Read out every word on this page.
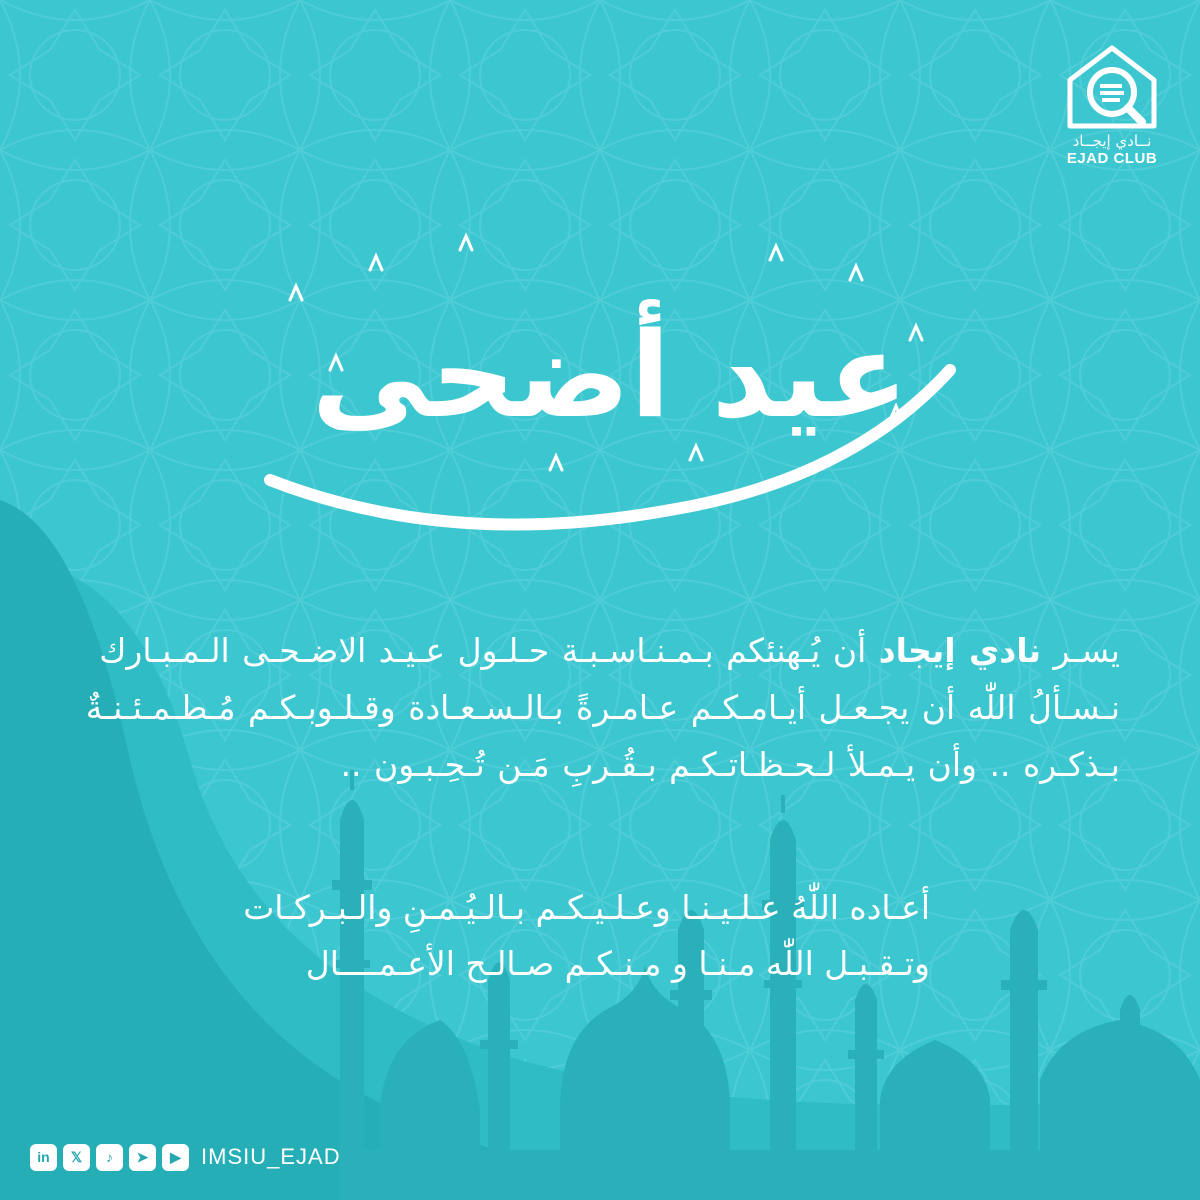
نــادي إيجــاد
EJAD CLUB
عيد أضحى
يسـر نادي إيجاد أن يُـهنئكم بـمـنـاسـبـة حـلـول عـيـد الاضـحـى الـمـبـارك
نـسـألُ اللّٰه أن يجـعـل أيـامـكـم عـامـرةً بـالـسـعـادة وقـلـوبـكـم مُـطـمـئـنـةٌ
بـذكـره .. وأن يـمـلأ لـحـظـاتـكـم بـقُـربِ مَـن تُـحِـبـون ..
أعـاده اللّٰهُ عـلـيـنـا وعـلـيـكـم بـالـيُـمـنِ والـبـركـات
وتـقـبـل اللّٰه مـنـا و مـنـكـم صـالـح الأعـمــــال
in	𝕏	♪	➤	▶ IMSIU_EJAD
